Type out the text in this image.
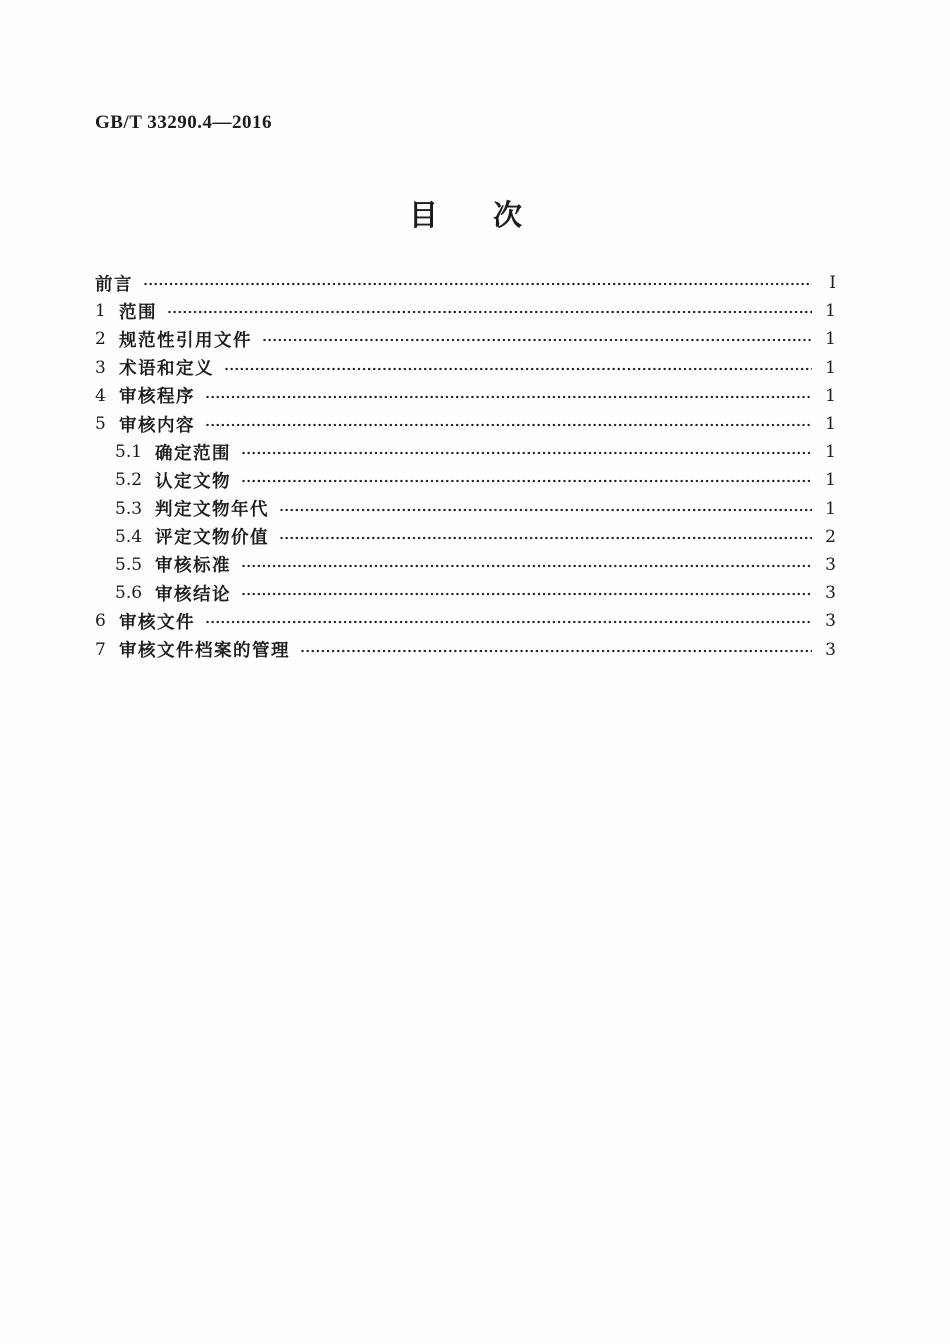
GB/T 33290.4—2016
目　次
前言	I
1 范围	1
2 规范性引用文件	1
3 术语和定义	1
4 审核程序	1
5 审核内容	1
5.1 确定范围	1
5.2 认定文物	1
5.3 判定文物年代	1
5.4 评定文物价值	2
5.5 审核标准	3
5.6 审核结论	3
6 审核文件	3
7 审核文件档案的管理	3
